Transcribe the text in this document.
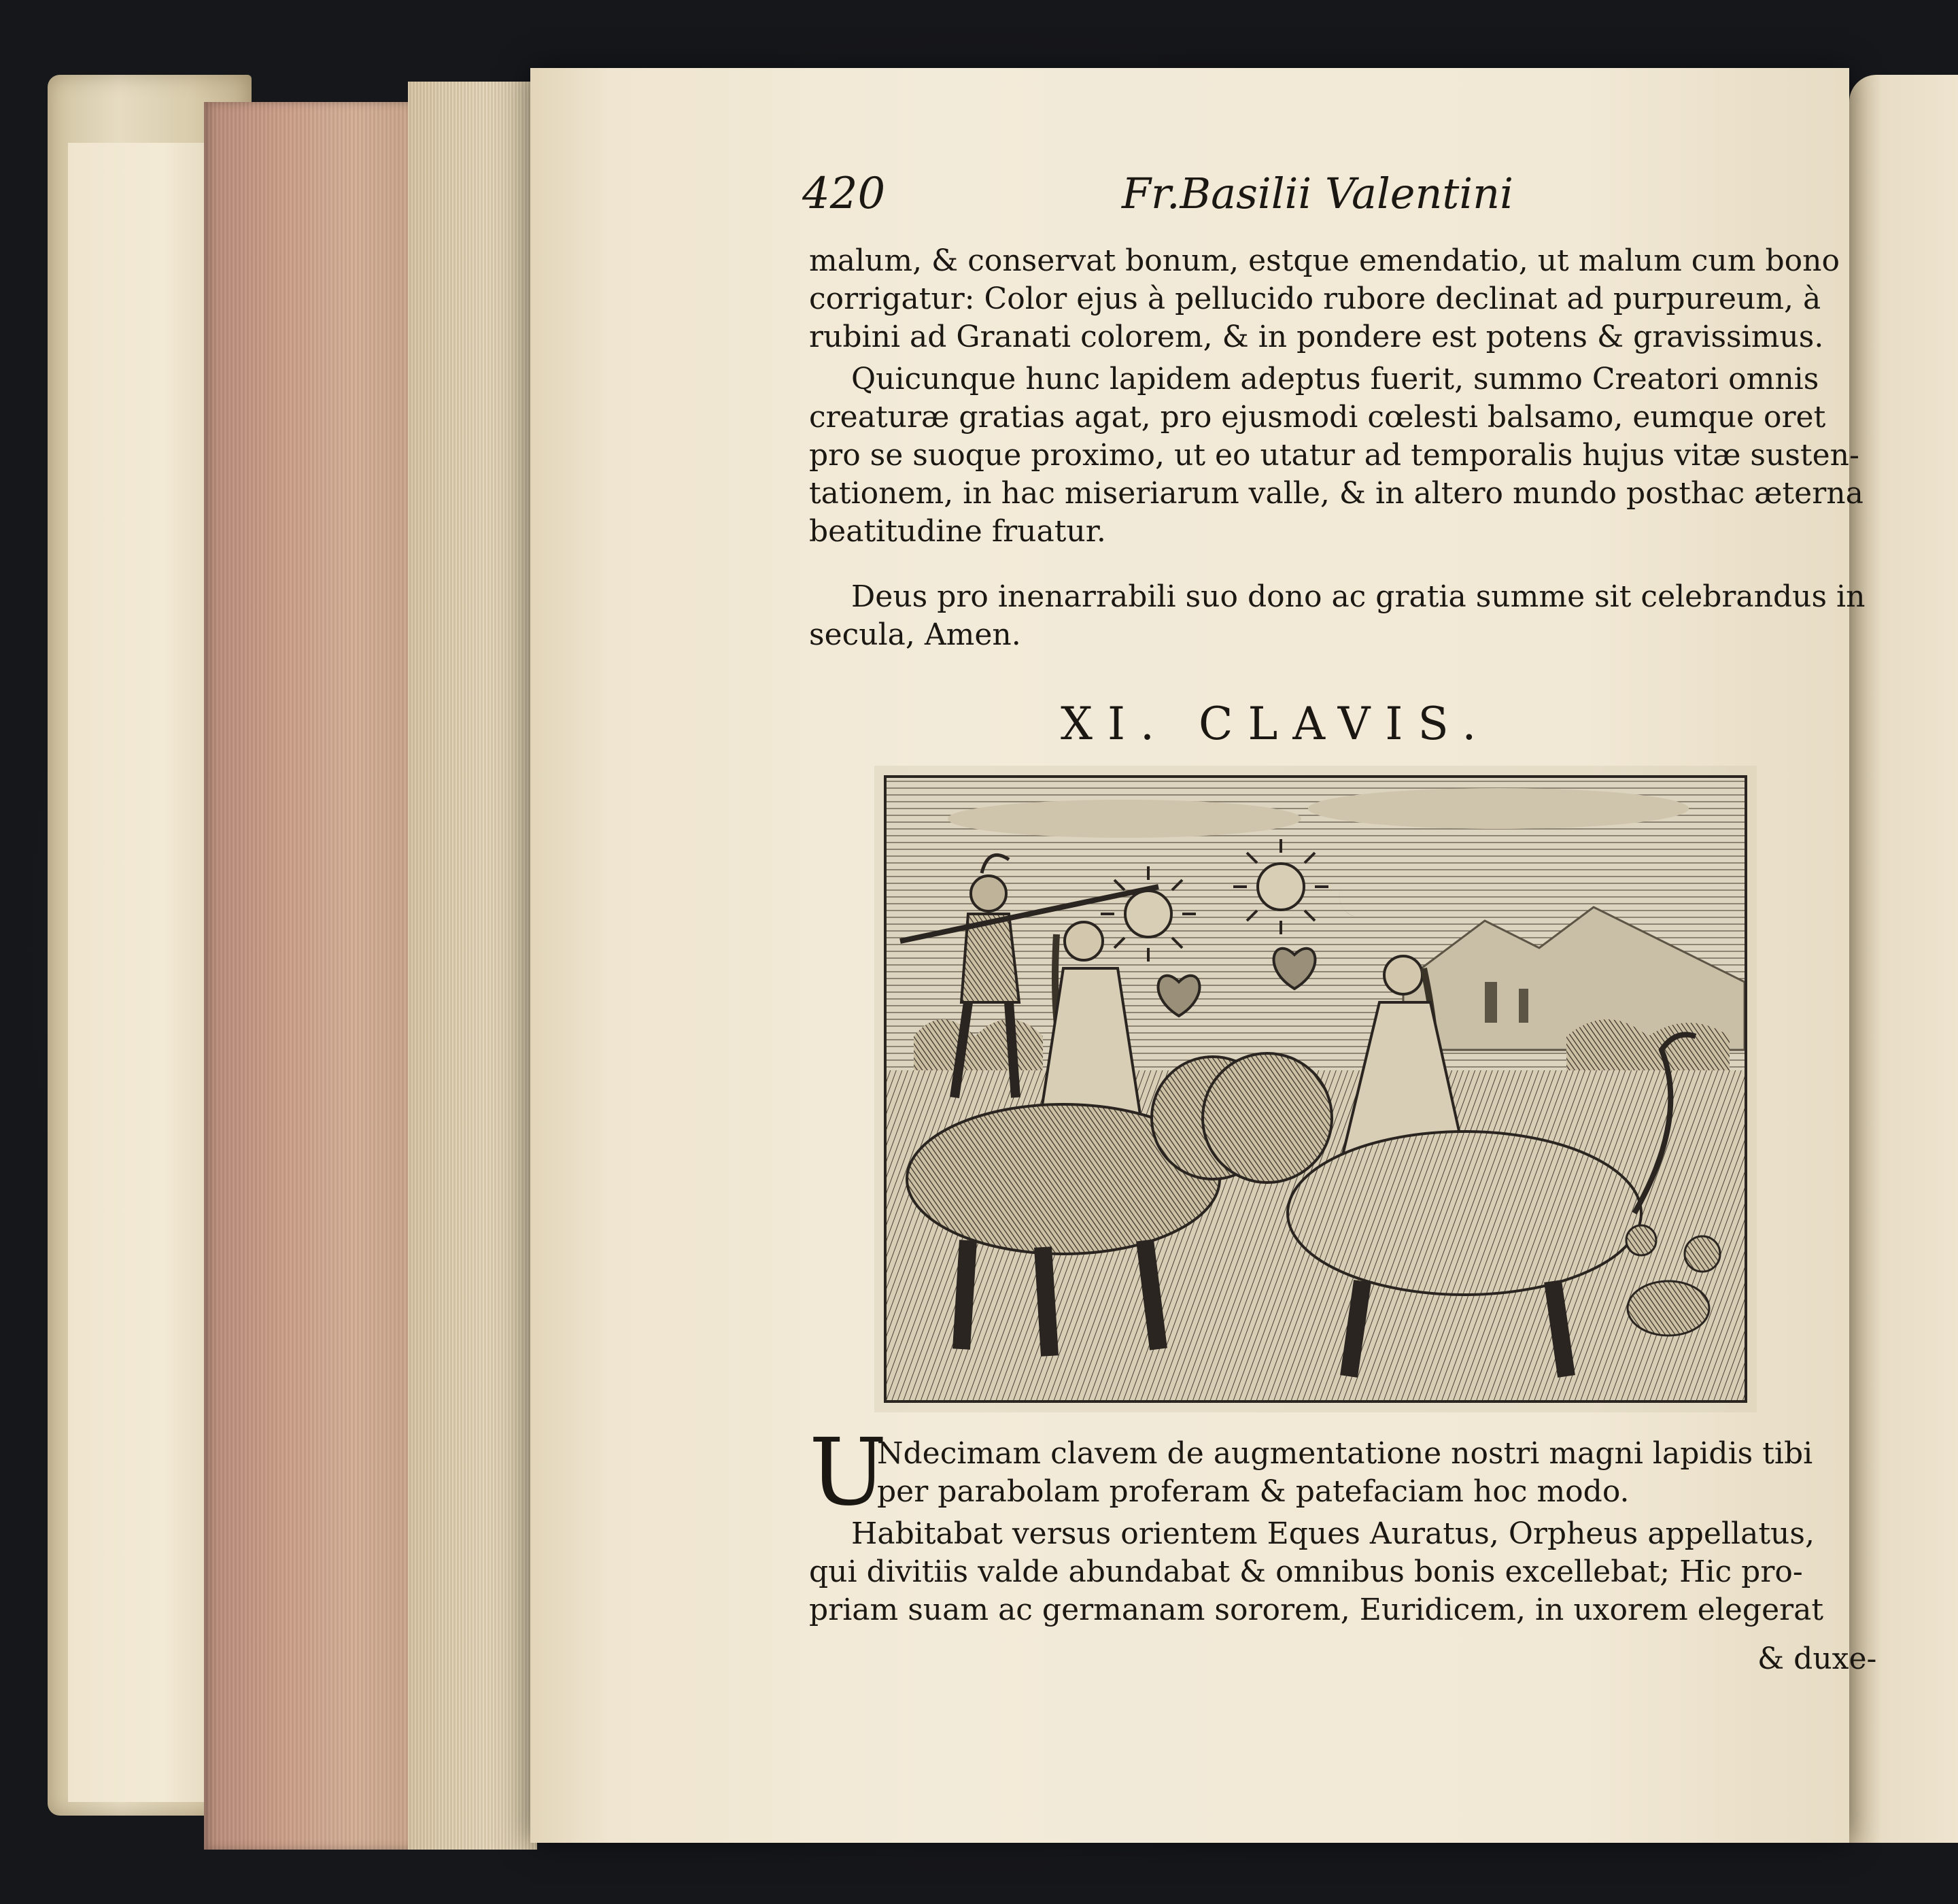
420	Fr.Basilii Valentini

malum, & conservat bonum, estque emendatio, ut malum cum bono

corrigatur: Color ejus à pellucido rubore declinat ad purpureum, à

rubini ad Granati colorem, & in pondere est potens & gravissimus.

Quicunque hunc lapidem adeptus fuerit, summo Creatori omnis

creaturæ gratias agat, pro ejusmodi cœlesti balsamo, eumque oret

pro se suoque proximo, ut eo utatur ad temporalis hujus vitæ susten-

tationem, in hac miseriarum valle, & in altero mundo posthac æterna

beatitudine fruatur.

Deus pro inenarrabili suo dono ac gratia summe sit celebrandus in

secula, Amen.

XI. CLAVIS.
U

Ndecimam clavem de augmentatione nostri magni lapidis tibi

per parabolam proferam & patefaciam hoc modo.

Habitabat versus orientem Eques Auratus, Orpheus appellatus,

qui divitiis valde abundabat & omnibus bonis excellebat; Hic pro-

priam suam ac germanam sororem, Euridicem, in uxorem elegerat

& duxe-
